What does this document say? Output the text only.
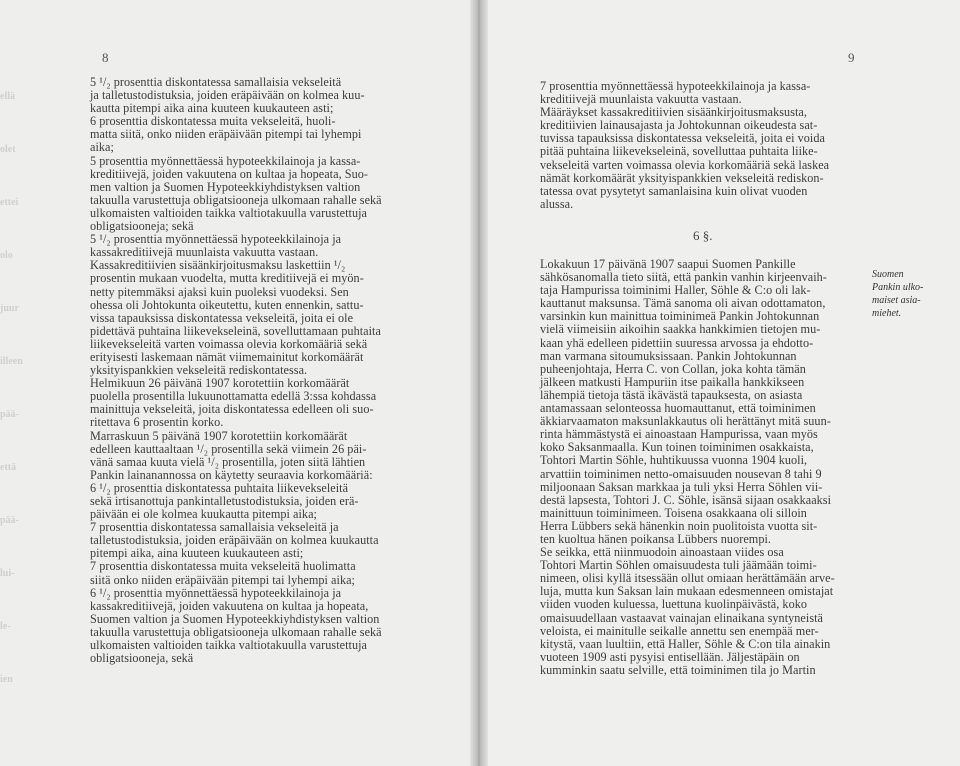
ellä
olet
ettei
olo
juur
illeen
pää-
että
pää-
lui-
le-
ien
8
5 ¹/₂ prosenttia diskontatessa samallaisia vekseleitä
ja talletustodistuksia, joiden eräpäivään on kolmea kuu-
kautta pitempi aika aina kuuteen kuukauteen asti;
6 prosenttia diskontatessa muita vekseleitä, huoli-
matta siitä, onko niiden eräpäivään pitempi tai lyhempi
aika;
5 prosenttia myönnettäessä hypoteekkilainoja ja kassa-
kreditiivejä, joiden vakuutena on kultaa ja hopeata, Suo-
men valtion ja Suomen Hypoteekkiyhdistyksen valtion
takuulla varustettuja obligatsiooneja ulkomaan rahalle sekä
ulkomaisten valtioiden taikka valtiotakuulla varustettuja
obligatsiooneja; sekä
5 ¹/₂ prosenttia myönnettäessä hypoteekkilainoja ja
kassakreditiivejä muunlaista vakuutta vastaan.
Kassakreditiivien sisäänkirjoitusmaksu laskettiin ¹/₂
prosentin mukaan vuodelta, mutta kreditiivejä ei myön-
netty pitemmäksi ajaksi kuin puoleksi vuodeksi. Sen
ohessa oli Johtokunta oikeutettu, kuten ennenkin, sattu-
vissa tapauksissa diskontatessa vekseleitä, joita ei ole
pidettävä puhtaina liikevekseleinä, sovelluttamaan puhtaita
liikevekseleitä varten voimassa olevia korkomääriä sekä
erityisesti laskemaan nämät viimemainitut korkomäärät
yksityispankkien vekseleitä rediskontatessa.
Helmikuun 26 päivänä 1907 korotettiin korkomäärät
puolella prosentilla lukuunottamatta edellä 3:ssa kohdassa
mainittuja vekseleitä, joita diskontatessa edelleen oli suo-
ritettava 6 prosentin korko.
Marraskuun 5 päivänä 1907 korotettiin korkomäärät
edelleen kauttaaltaan ¹/₂ prosentilla sekä viimein 26 päi-
vänä samaa kuuta vielä ¹/₂ prosentilla, joten siitä lähtien
Pankin lainanannossa on käytetty seuraavia korkomääriä:
6 ¹/₂ prosenttia diskontatessa puhtaita liikevekseleitä
sekä irtisanottuja pankintalletustodistuksia, joiden erä-
päivään ei ole kolmea kuukautta pitempi aika;
7 prosenttia diskontatessa samallaisia vekseleitä ja
talletustodistuksia, joiden eräpäivään on kolmea kuukautta
pitempi aika, aina kuuteen kuukauteen asti;
7 prosenttia diskontatessa muita vekseleitä huolimatta
siitä onko niiden eräpäivään pitempi tai lyhempi aika;
6 ¹/₂ prosenttia myönnettäessä hypoteekkilainoja ja
kassakreditiivejä, joiden vakuutena on kultaa ja hopeata,
Suomen valtion ja Suomen Hypoteekkiyhdistyksen valtion
takuulla varustettuja obligatsiooneja ulkomaan rahalle sekä
ulkomaisten valtioiden taikka valtiotakuulla varustettuja
obligatsiooneja, sekä
9
7 prosenttia myönnettäessä hypoteekkilainoja ja kassa-
kreditiivejä muunlaista vakuutta vastaan.
Määräykset kassakreditiivien sisäänkirjoitusmaksusta,
kreditiivien lainausajasta ja Johtokunnan oikeudesta sat-
tuvissa tapauksissa diskontatessa vekseleitä, joita ei voida
pitää puhtaina liikevekseleinä, sovelluttaa puhtaita liike-
vekseleitä varten voimassa olevia korkomääriä sekä laskea
nämät korkomäärät yksityispankkien vekseleitä rediskon-
tatessa ovat pysytetyt samanlaisina kuin olivat vuoden
alussa.
6 §.
Lokakuun 17 päivänä 1907 saapui Suomen Pankille
sähkösanomalla tieto siitä, että pankin vanhin kirjeenvaih-
taja Hampurissa toiminimi Haller, Söhle & C:o oli lak-
kauttanut maksunsa. Tämä sanoma oli aivan odottamaton,
varsinkin kun mainittua toiminimeä Pankin Johtokunnan
vielä viimeisiin aikoihin saakka hankkimien tietojen mu-
kaan yhä edelleen pidettiin suuressa arvossa ja ehdotto-
man varmana sitoumuksissaan. Pankin Johtokunnan
puheenjohtaja, Herra C. von Collan, joka kohta tämän
jälkeen matkusti Hampuriin itse paikalla hankkikseen
lähempiä tietoja tästä ikävästä tapauksesta, on asiasta
antamassaan selonteossa huomauttanut, että toiminimen
äkkiarvaamaton maksunlakkautus oli herättänyt mitä suun-
rinta hämmästystä ei ainoastaan Hampurissa, vaan myös
koko Saksanmaalla. Kun toinen toiminimen osakkaista,
Tohtori Martin Söhle, huhtikuussa vuonna 1904 kuoli,
arvattiin toiminimen netto-omaisuuden nousevan 8 tahi 9
miljoonaan Saksan markkaa ja tuli yksi Herra Söhlen vii-
destä lapsesta, Tohtori J. C. Söhle, isänsä sijaan osakkaaksi
mainittuun toiminimeen. Toisena osakkaana oli silloin
Herra Lübbers sekä hänenkin noin puolitoista vuotta sit-
ten kuoltua hänen poikansa Lübbers nuorempi.
Se seikka, että niinmuodoin ainoastaan viides osa
Tohtori Martin Söhlen omaisuudesta tuli jäämään toimi-
nimeen, olisi kyllä itsessään ollut omiaan herättämään arve-
luja, mutta kun Saksan lain mukaan edesmenneen omistajat
viiden vuoden kuluessa, luettuna kuolinpäivästä, koko
omaisuudellaan vastaavat vainajan elinaikana syntyneistä
veloista, ei mainitulle seikalle annettu sen enempää mer-
kitystä, vaan luultiin, että Haller, Söhle & C:on tila ainakin
vuoteen 1909 asti pysyisi entisellään. Jäljestäpäin on
kumminkin saatu selville, että toiminimen tila jo Martin
Suomen
Pankin ulko-
maiset asia-
miehet.
